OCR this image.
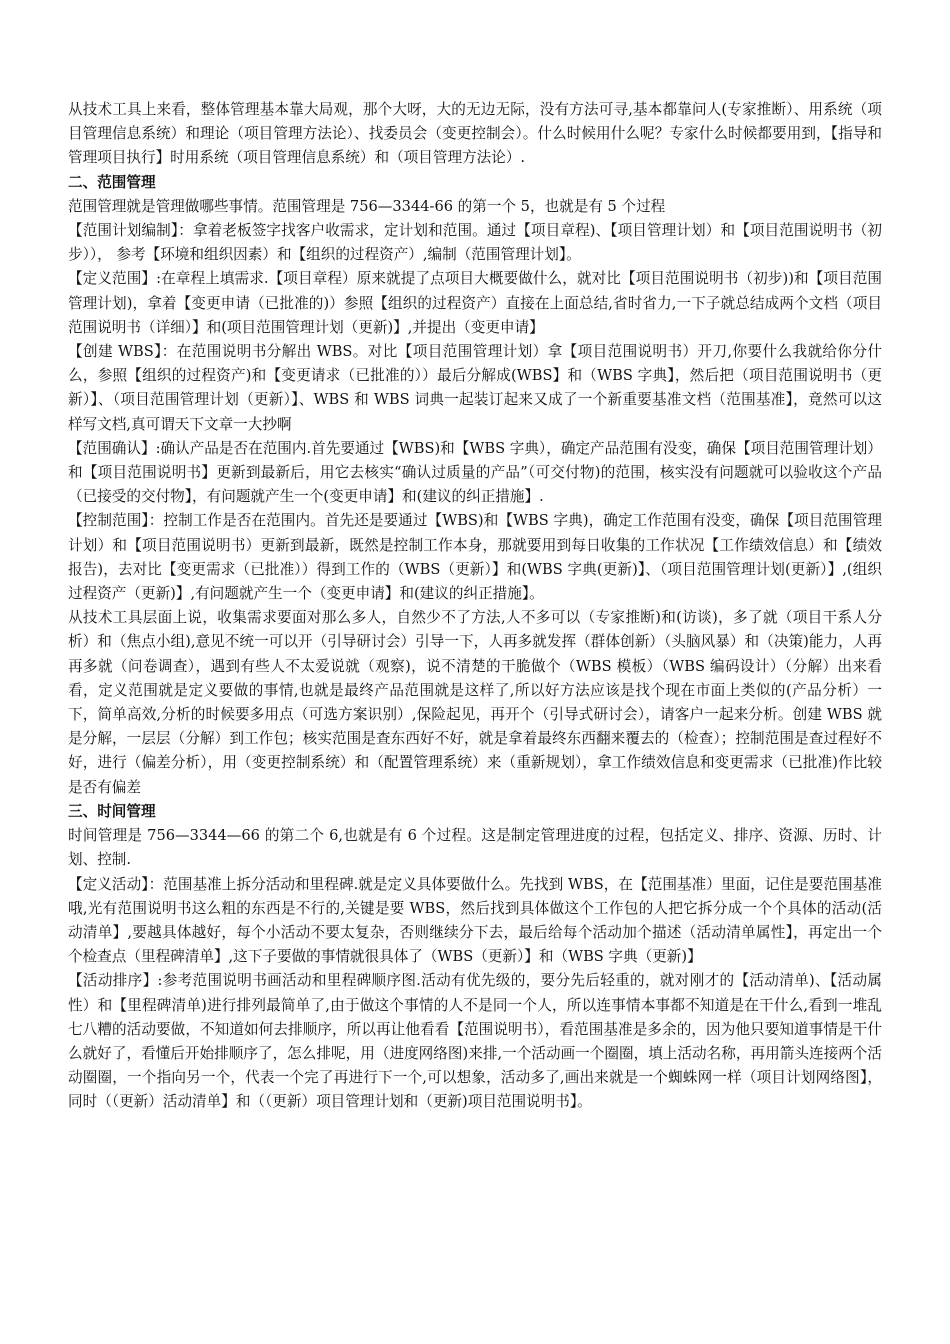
从技术工具上来看，整体管理基本靠大局观，那个大呀，大的无边无际，没有方法可寻,基本都靠问人(专家推断）、用系统（项目管理信息系统）和理论（项目管理方法论）、找委员会（变更控制会）。什么时候用什么呢？专家什么时候都要用到，【指导和管理项目执行】时用系统（项目管理信息系统）和（项目管理方法论）.

二、范围管理

范围管理就是管理做哪些事情。范围管理是 756—3344-66 的第一个 5，也就是有 5 个过程

【范围计划编制】：拿着老板签字找客户收需求，定计划和范围。通过【项目章程)、【项目管理计划）和【项目范围说明书（初步））， 参考【环境和组织因素）和【组织的过程资产）,编制（范围管理计划】。

【定义范围】:在章程上填需求.【项目章程）原来就提了点项目大概要做什么，就对比【项目范围说明书（初步))和【项目范围管理计划)，拿着【变更申请（已批准的)）参照【组织的过程资产）直接在上面总结,省时省力,一下子就总结成两个文档（项目范围说明书（详细）】和(项目范围管理计划（更新)】,并提出（变更申请】

【创建 WBS】：在范围说明书分解出 WBS。对比【项目范围管理计划）拿【项目范围说明书）开刀,你要什么我就给你分什么，参照【组织的过程资产)和【变更请求（已批准的））最后分解成(WBS】和（WBS 字典】，然后把（项目范围说明书（更新）】、（项目范围管理计划（更新）】、WBS 和 WBS 词典一起装订起来又成了一个新重要基准文档（范围基准】，竟然可以这样写文档,真可谓天下文章一大抄啊

【范围确认】:确认产品是否在范围内.首先要通过【WBS)和【WBS 字典），确定产品范围有没变，确保【项目范围管理计划）和【项目范围说明书】更新到最新后，用它去核实“确认过质量的产品”（可交付物)的范围，核实没有问题就可以验收这个产品（已接受的交付物】，有问题就产生一个(变更申请】和(建议的纠正措施】.

【控制范围】：控制工作是否在范围内。首先还是要通过【WBS)和【WBS 字典)，确定工作范围有没变，确保【项目范围管理计划）和【项目范围说明书）更新到最新，既然是控制工作本身，那就要用到每日收集的工作状况【工作绩效信息）和【绩效报告)，去对比【变更需求（已批准））得到工作的（WBS（更新）】和(WBS 字典(更新)】、（项目范围管理计划(更新）】,(组织过程资产（更新)】,有问题就产生一个（变更申请】和(建议的纠正措施】。

从技术工具层面上说，收集需求要面对那么多人，自然少不了方法,人不多可以（专家推断)和(访谈)，多了就（项目干系人分析）和（焦点小组),意见不统一可以开（引导研讨会）引导一下，人再多就发挥（群体创新）（头脑风暴）和（决策)能力，人再再多就（问卷调查），遇到有些人不太爱说就（观察)，说不清楚的干脆做个（WBS 模板）（WBS 编码设计）（分解）出来看看，定义范围就是定义要做的事情,也就是最终产品范围就是这样了,所以好方法应该是找个现在市面上类似的(产品分析）一下，简单高效,分析的时候要多用点（可选方案识别）,保险起见，再开个（引导式研讨会），请客户一起来分析。创建 WBS 就是分解，一层层（分解）到工作包；核实范围是查东西好不好，就是拿着最终东西翻来覆去的（检查）；控制范围是查过程好不好，进行（偏差分析），用（变更控制系统）和（配置管理系统）来（重新规划），拿工作绩效信息和变更需求（已批准)作比较是否有偏差

三、时间管理

时间管理是 756—3344—66 的第二个 6,也就是有 6 个过程。这是制定管理进度的过程，包括定义、排序、资源、历时、计划、控制.

【定义活动】：范围基准上拆分活动和里程碑.就是定义具体要做什么。先找到 WBS，在【范围基准）里面，记住是要范围基准哦,光有范围说明书这么粗的东西是不行的,关键是要 WBS，然后找到具体做这个工作包的人把它拆分成一个个具体的活动(活动清单】,要越具体越好，每个小活动不要太复杂，否则继续分下去，最后给每个活动加个描述（活动清单属性】，再定出一个个检查点（里程碑清单】,这下子要做的事情就很具体了（WBS（更新）】和（WBS 字典（更新)】

【活动排序】:参考范围说明书画活动和里程碑顺序图.活动有优先级的，要分先后轻重的，就对刚才的【活动清单)、【活动属性）和【里程碑清单)进行排列最简单了,由于做这个事情的人不是同一个人，所以连事情本事都不知道是在干什么,看到一堆乱七八糟的活动要做，不知道如何去排顺序，所以再让他看看【范围说明书），看范围基准是多余的，因为他只要知道事情是干什么就好了，看懂后开始排顺序了，怎么排呢，用（进度网络图)来排,一个活动画一个圈圈，填上活动名称，再用箭头连接两个活动圈圈，一个指向另一个，代表一个完了再进行下一个,可以想象，活动多了,画出来就是一个蜘蛛网一样（项目计划网络图】，同时（（更新）活动清单】和（（更新）项目管理计划和（更新)项目范围说明书】。
